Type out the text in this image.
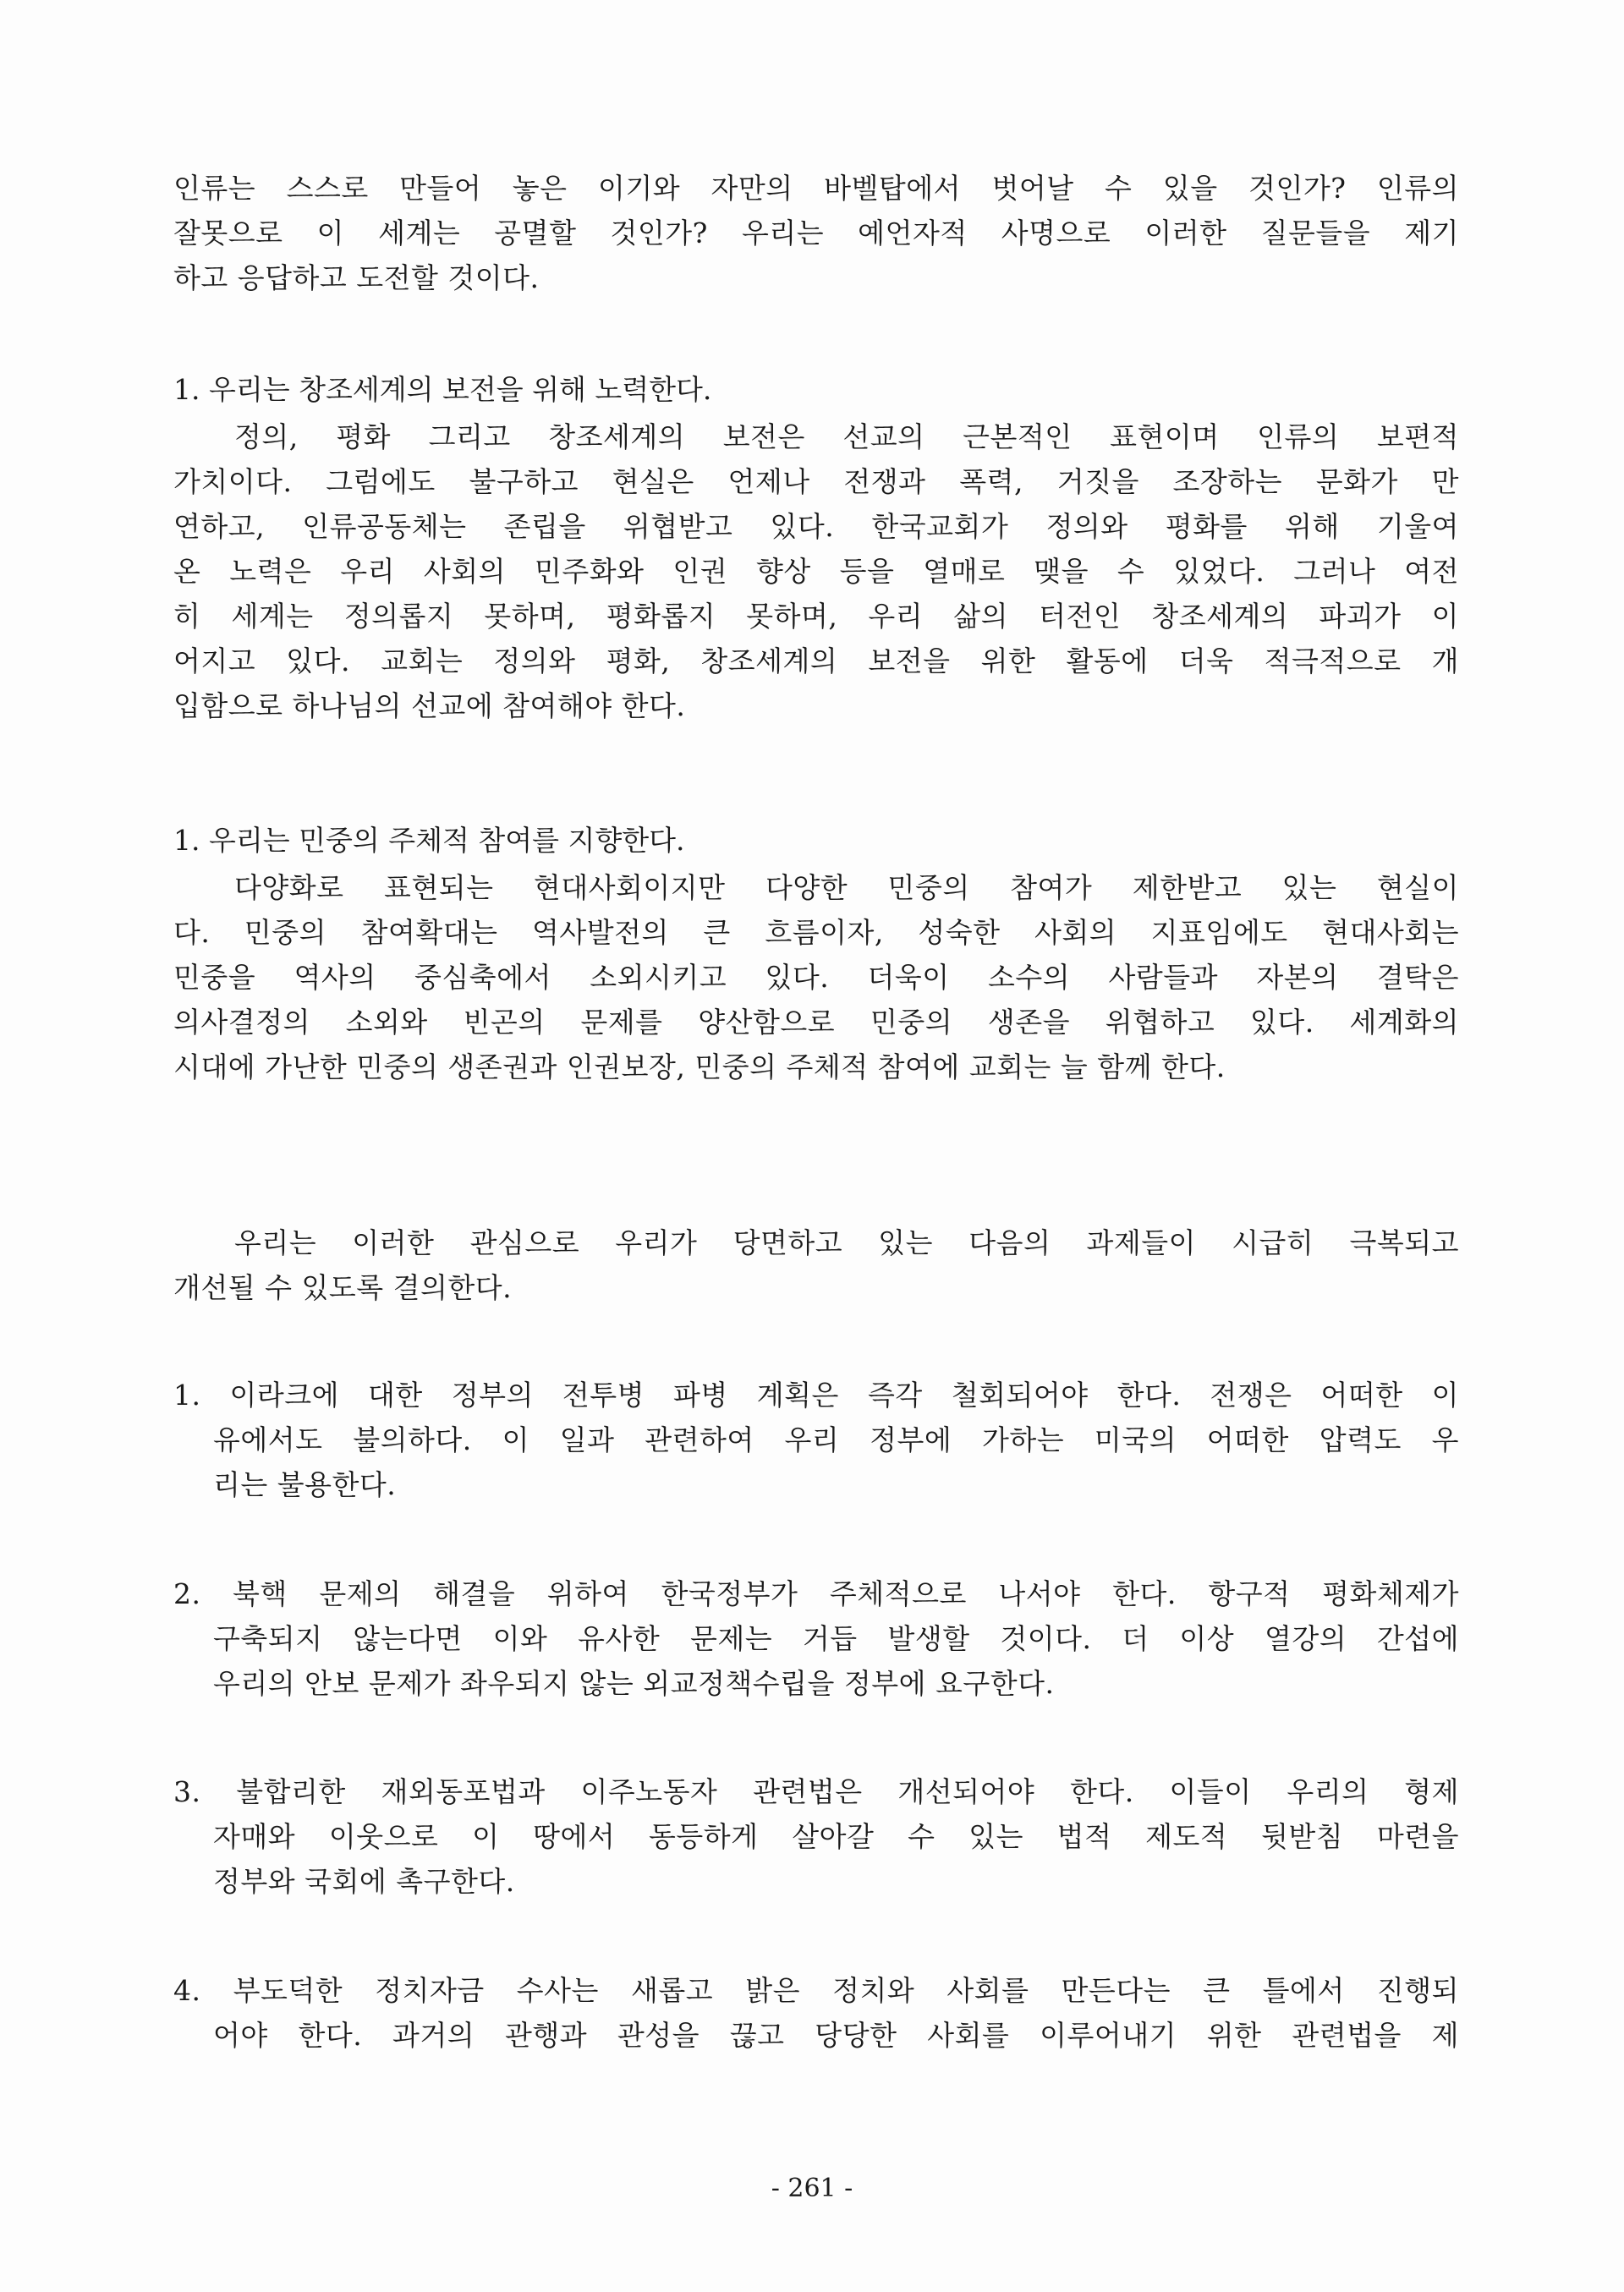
인류는 스스로 만들어 놓은 이기와 자만의 바벨탑에서 벗어날 수 있을 것인가? 인류의
잘못으로 이 세계는 공멸할 것인가? 우리는 예언자적 사명으로 이러한 질문들을 제기
하고 응답하고 도전할 것이다.
1. 우리는 창조세계의 보전을 위해 노력한다.
정의, 평화 그리고 창조세계의 보전은 선교의 근본적인 표현이며 인류의 보편적
가치이다. 그럼에도 불구하고 현실은 언제나 전쟁과 폭력, 거짓을 조장하는 문화가 만
연하고, 인류공동체는 존립을 위협받고 있다. 한국교회가 정의와 평화를 위해 기울여
온 노력은 우리 사회의 민주화와 인권 향상 등을 열매로 맺을 수 있었다. 그러나 여전
히 세계는 정의롭지 못하며, 평화롭지 못하며, 우리 삶의 터전인 창조세계의 파괴가 이
어지고 있다. 교회는 정의와 평화, 창조세계의 보전을 위한 활동에 더욱 적극적으로 개
입함으로 하나님의 선교에 참여해야 한다.
1. 우리는 민중의 주체적 참여를 지향한다.
다양화로 표현되는 현대사회이지만 다양한 민중의 참여가 제한받고 있는 현실이
다. 민중의 참여확대는 역사발전의 큰 흐름이자, 성숙한 사회의 지표임에도 현대사회는
민중을 역사의 중심축에서 소외시키고 있다. 더욱이 소수의 사람들과 자본의 결탁은
의사결정의 소외와 빈곤의 문제를 양산함으로 민중의 생존을 위협하고 있다. 세계화의
시대에 가난한 민중의 생존권과 인권보장, 민중의 주체적 참여에 교회는 늘 함께 한다.
우리는 이러한 관심으로 우리가 당면하고 있는 다음의 과제들이 시급히 극복되고
개선될 수 있도록 결의한다.
1. 이라크에 대한 정부의 전투병 파병 계획은 즉각 철회되어야 한다. 전쟁은 어떠한 이
유에서도 불의하다. 이 일과 관련하여 우리 정부에 가하는 미국의 어떠한 압력도 우
리는 불용한다.
2. 북핵 문제의 해결을 위하여 한국정부가 주체적으로 나서야 한다. 항구적 평화체제가
구축되지 않는다면 이와 유사한 문제는 거듭 발생할 것이다. 더 이상 열강의 간섭에
우리의 안보 문제가 좌우되지 않는 외교정책수립을 정부에 요구한다.
3. 불합리한 재외동포법과 이주노동자 관련법은 개선되어야 한다. 이들이 우리의 형제
자매와 이웃으로 이 땅에서 동등하게 살아갈 수 있는 법적 제도적 뒷받침 마련을
정부와 국회에 촉구한다.
4. 부도덕한 정치자금 수사는 새롭고 밝은 정치와 사회를 만든다는 큰 틀에서 진행되
어야 한다. 과거의 관행과 관성을 끊고 당당한 사회를 이루어내기 위한 관련법을 제
- 261 -
